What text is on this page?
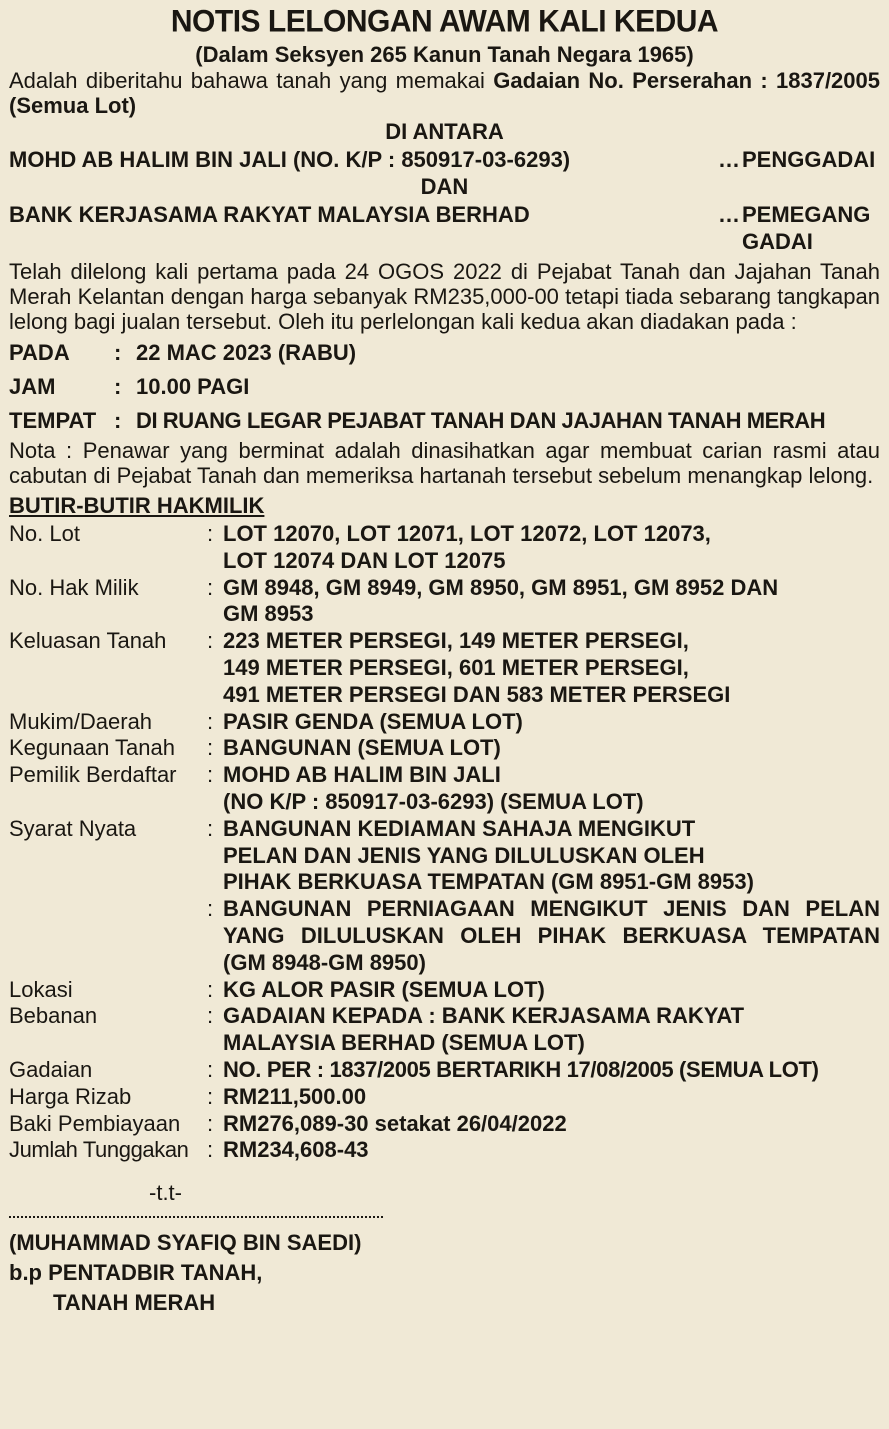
NOTIS LELONGAN AWAM KALI KEDUA
(Dalam Seksyen 265 Kanun Tanah Negara 1965)
Adalah diberitahu bahawa tanah yang memakai Gadaian No. Perserahan : 1837/2005 (Semua Lot)
DI ANTARA
MOHD AB HALIM BIN JALI (NO. K/P : 850917-03-6293)	… PENGGADAI
DAN
BANK KERJASAMA RAKYAT MALAYSIA BERHAD	… PEMEGANG GADAI
Telah dilelong kali pertama pada 24 OGOS 2022 di Pejabat Tanah dan Jajahan Tanah Merah Kelantan dengan harga sebanyak RM235,000-00 tetapi tiada sebarang tangkapan lelong bagi jualan tersebut. Oleh itu perlelongan kali kedua akan diadakan pada :
PADA	: 22 MAC 2023 (RABU)
JAM	: 10.00 PAGI
TEMPAT : DI RUANG LEGAR PEJABAT TANAH DAN JAJAHAN TANAH MERAH
Nota : Penawar yang berminat adalah dinasihatkan agar membuat carian rasmi atau cabutan di Pejabat Tanah dan memeriksa hartanah tersebut sebelum menangkap lelong.
BUTIR-BUTIR HAKMILIK
No. Lot	: LOT 12070, LOT 12071, LOT 12072, LOT 12073,
LOT 12074 DAN LOT 12075
No. Hak Milik	: GM 8948, GM 8949, GM 8950, GM 8951, GM 8952 DAN
GM 8953
Keluasan Tanah	: 223 METER PERSEGI, 149 METER PERSEGI,
149 METER PERSEGI, 601 METER PERSEGI,
491 METER PERSEGI DAN 583 METER PERSEGI
Mukim/Daerah	: PASIR GENDA (SEMUA LOT)
Kegunaan Tanah	: BANGUNAN (SEMUA LOT)
Pemilik Berdaftar	: MOHD AB HALIM BIN JALI
(NO K/P : 850917-03-6293) (SEMUA LOT)
Syarat Nyata	: BANGUNAN KEDIAMAN SAHAJA MENGIKUT
PELAN DAN JENIS YANG DILULUSKAN OLEH
PIHAK BERKUASA TEMPATAN (GM 8951-GM 8953)
: BANGUNAN PERNIAGAAN MENGIKUT JENIS DAN PELAN
YANG DILULUSKAN OLEH PIHAK BERKUASA TEMPATAN
(GM 8948-GM 8950)
Lokasi	: KG ALOR PASIR (SEMUA LOT)
Bebanan	: GADAIAN KEPADA : BANK KERJASAMA RAKYAT
MALAYSIA BERHAD (SEMUA LOT)
Gadaian	: NO. PER : 1837/2005 BERTARIKH 17/08/2005 (SEMUA LOT)
Harga Rizab	: RM211,500.00
Baki Pembiayaan	: RM276,089-30 setakat 26/04/2022
Jumlah Tunggakan : RM234,608-43
-t.t-
(MUHAMMAD SYAFIQ BIN SAEDI)
b.p PENTADBIR TANAH,
TANAH MERAH
